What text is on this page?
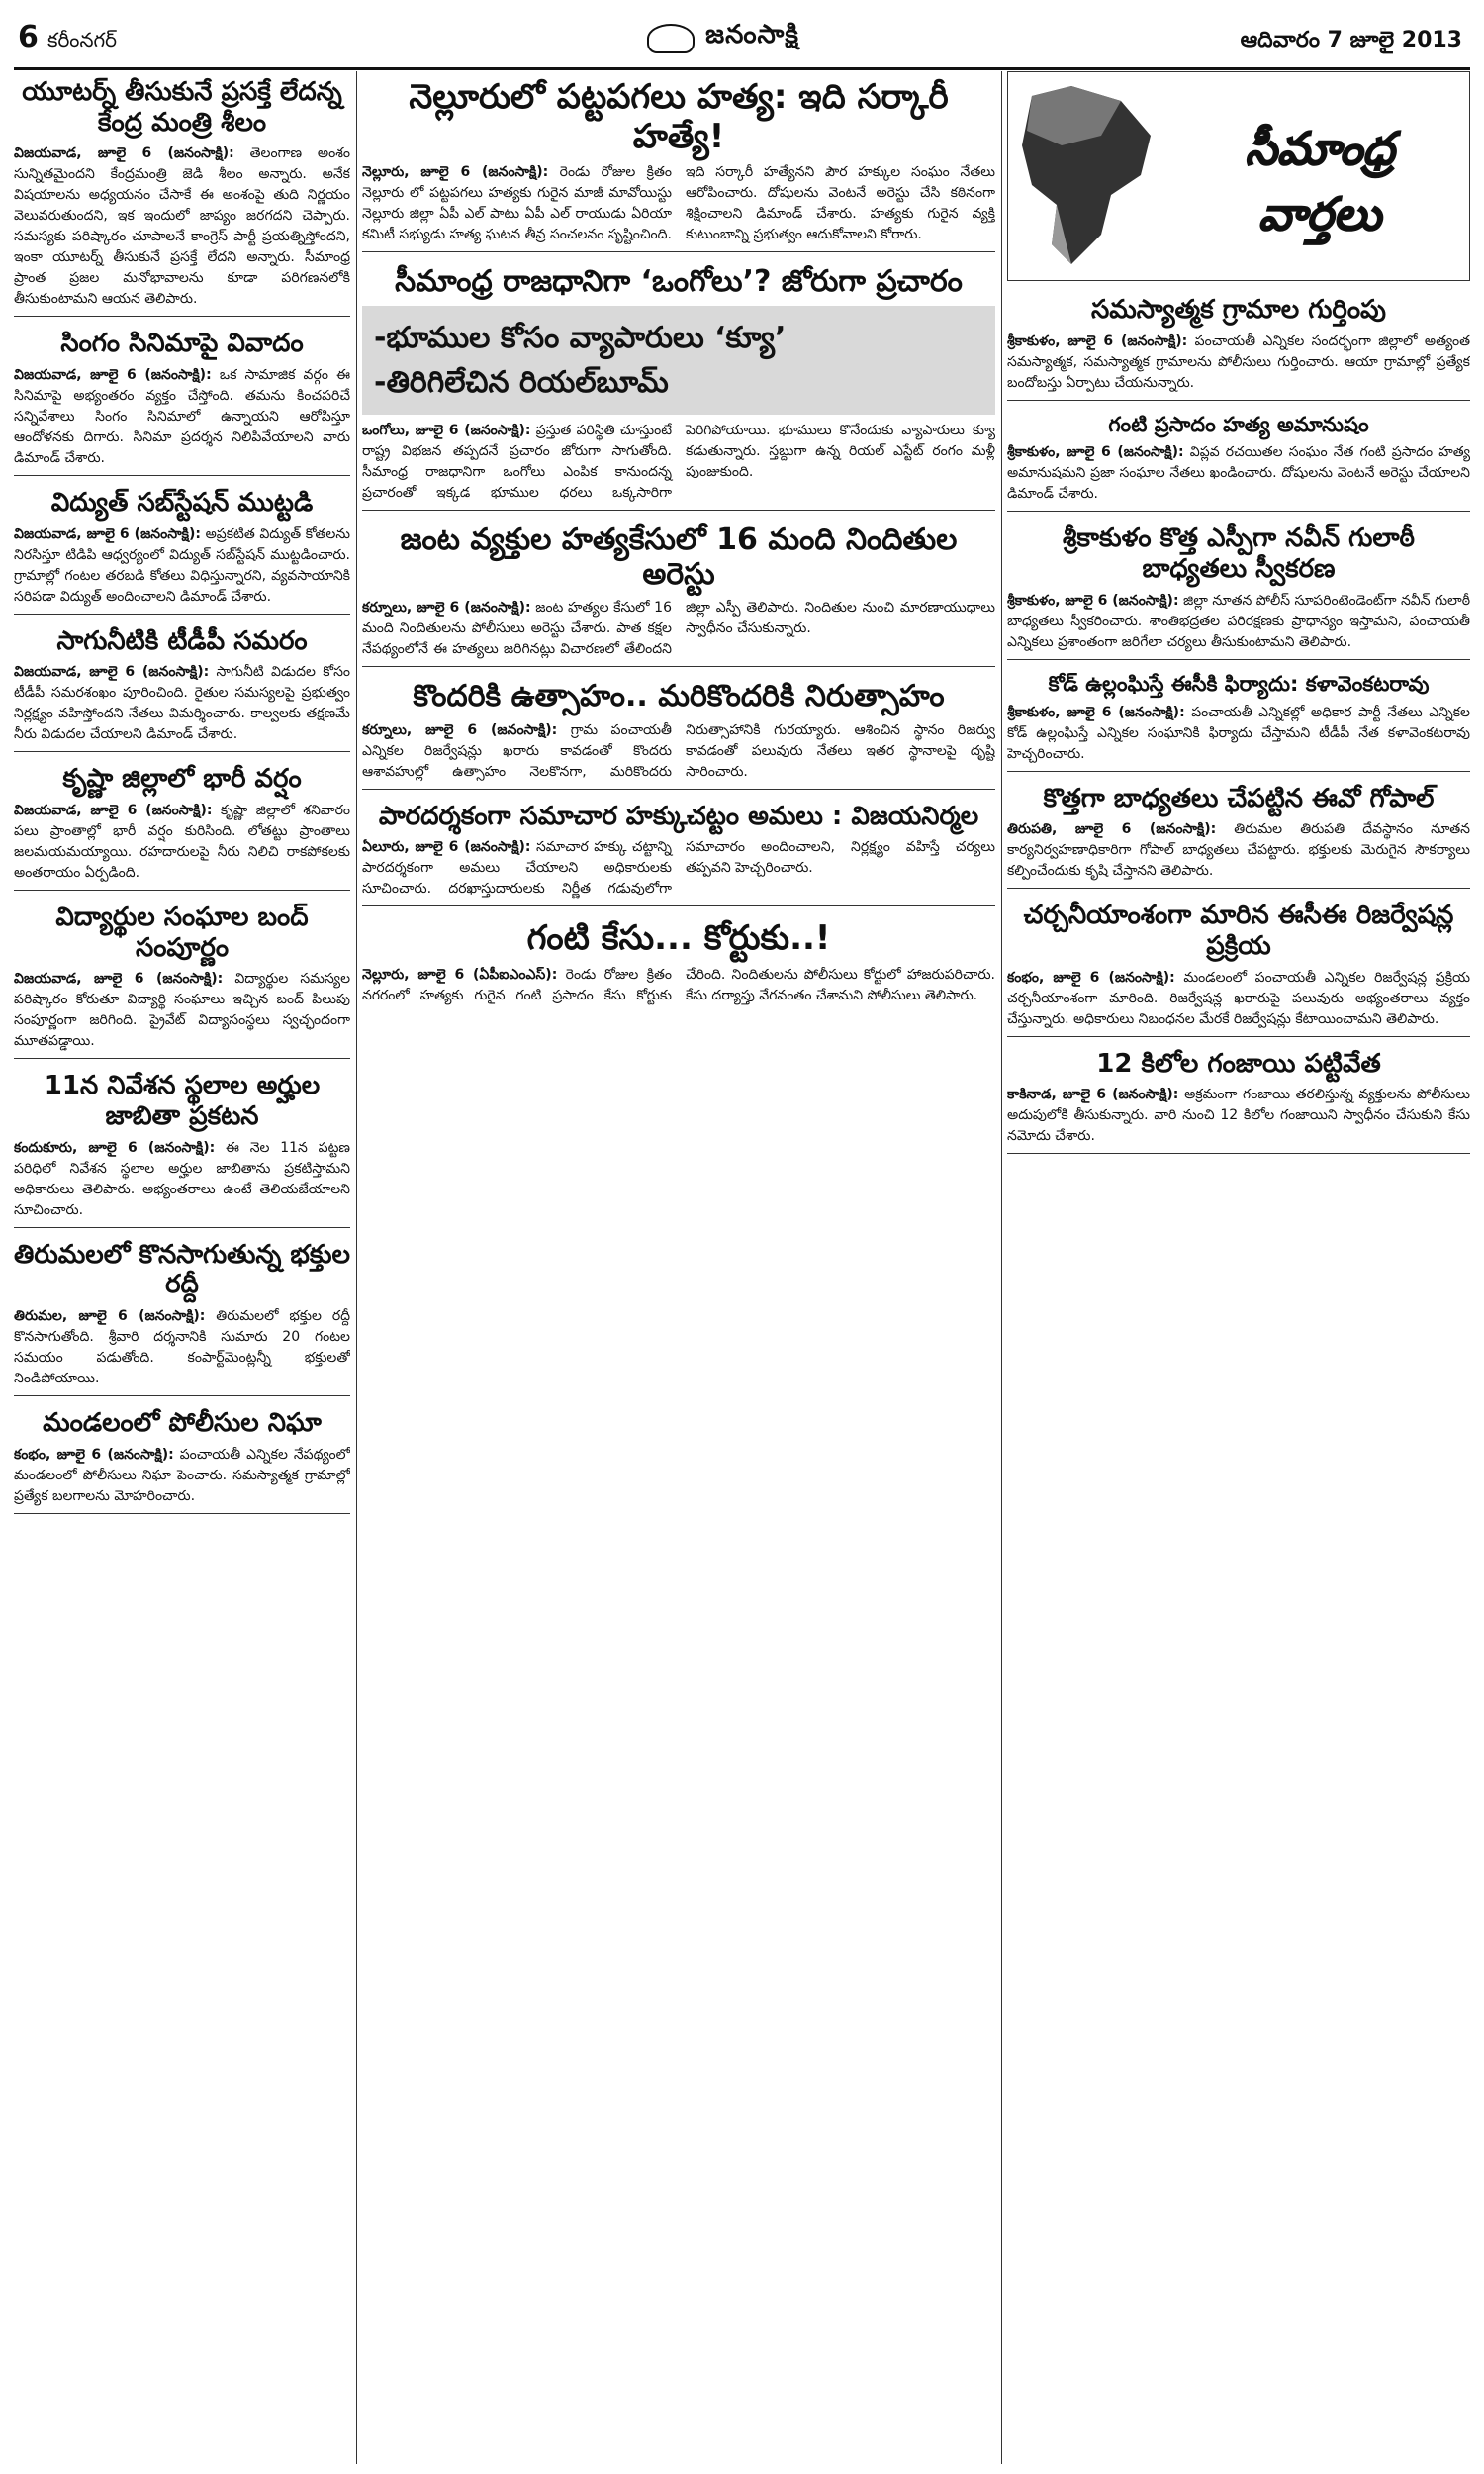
6 కరీంనగర్	జనంసాక్షి	ఆదివారం 7 జూలై 2013
యూటర్న్‌ తీసుకునే ప్రసక్తే లేదన్న కేంద్ర మంత్రి శీలం
విజయవాడ, జూలై 6 (జనంసాక్షి): తెలంగాణ అంశం సున్నితమైందని కేంద్రమంత్రి జెడి శీలం అన్నారు. అనేక విషయాలను అధ్యయనం చేసాకే ఈ అంశంపై తుది నిర్ణయం వెలువరుతుందని, ఇక ఇందులో జాప్యం జరగదని చెప్పారు. సమస్యకు పరిష్కారం చూపాలనే కాంగ్రెస్ పార్టీ ప్రయత్నిస్తోందని, ఇంకా యూటర్న్‌ తీసుకునే ప్రసక్తే లేదని అన్నారు. సీమాంధ్ర ప్రాంత ప్రజల మనోభావాలను కూడా పరిగణనలోకి తీసుకుంటామని ఆయన తెలిపారు.
సింగం సినిమాపై వివాదం
విజయవాడ, జూలై 6 (జనంసాక్షి): ఒక సామాజిక వర్గం ఈ సినిమాపై అభ్యంతరం వ్యక్తం చేస్తోంది. తమను కించపరిచే సన్నివేశాలు సింగం సినిమాలో ఉన్నాయని ఆరోపిస్తూ ఆందోళనకు దిగారు. సినిమా ప్రదర్శన నిలిపివేయాలని వారు డిమాండ్‌ చేశారు.
విద్యుత్‌ సబ్‌స్టేషన్‌ ముట్టడి
విజయవాడ, జూలై 6 (జనంసాక్షి): అప్రకటిత విద్యుత్‌ కోతలను నిరసిస్తూ టిడిపి ఆధ్వర్యంలో విద్యుత్‌ సబ్‌స్టేషన్‌ ముట్టడించారు. గ్రామాల్లో గంటల తరబడి కోతలు విధిస్తున్నారని, వ్యవసాయానికి సరిపడా విద్యుత్‌ అందించాలని డిమాండ్‌ చేశారు.
సాగునీటికి టీడీపీ సమరం
విజయవాడ, జూలై 6 (జనంసాక్షి): సాగునీటి విడుదల కోసం టీడీపీ సమరశంఖం పూరించింది. రైతుల సమస్యలపై ప్రభుత్వం నిర్లక్ష్యం వహిస్తోందని నేతలు విమర్శించారు. కాల్వలకు తక్షణమే నీరు విడుదల చేయాలని డిమాండ్‌ చేశారు.
కృష్ణా జిల్లాలో భారీ వర్షం
విజయవాడ, జూలై 6 (జనంసాక్షి): కృష్ణా జిల్లాలో శనివారం పలు ప్రాంతాల్లో భారీ వర్షం కురిసింది. లోతట్టు ప్రాంతాలు జలమయమయ్యాయి. రహదారులపై నీరు నిలిచి రాకపోకలకు అంతరాయం ఏర్పడింది.
విద్యార్థుల సంఘాల బంద్‌ సంపూర్ణం
విజయవాడ, జూలై 6 (జనంసాక్షి): విద్యార్థుల సమస్యల పరిష్కారం కోరుతూ విద్యార్థి సంఘాలు ఇచ్చిన బంద్‌ పిలుపు సంపూర్ణంగా జరిగింది. ప్రైవేట్‌ విద్యాసంస్థలు స్వచ్ఛందంగా మూతపడ్డాయి.
11న నివేశన స్థలాల అర్హుల జాబితా ప్రకటన
కందుకూరు, జూలై 6 (జనంసాక్షి): ఈ నెల 11న పట్టణ పరిధిలో నివేశన స్థలాల అర్హుల జాబితాను ప్రకటిస్తామని అధికారులు తెలిపారు. అభ్యంతరాలు ఉంటే తెలియజేయాలని సూచించారు.
తిరుమలలో కొనసాగుతున్న భక్తుల రద్దీ
తిరుమల, జూలై 6 (జనంసాక్షి): తిరుమలలో భక్తుల రద్దీ కొనసాగుతోంది. శ్రీవారి దర్శనానికి సుమారు 20 గంటల సమయం పడుతోంది. కంపార్ట్‌మెంట్లన్నీ భక్తులతో నిండిపోయాయి.
మండలంలో పోలీసుల నిఘా
కంభం, జూలై 6 (జనంసాక్షి): పంచాయతీ ఎన్నికల నేపథ్యంలో మండలంలో పోలీసులు నిఘా పెంచారు. సమస్యాత్మక గ్రామాల్లో ప్రత్యేక బలగాలను మోహరించారు.
నెల్లూరులో పట్టపగలు హత్య: ఇది సర్కారీ హత్యే!
నెల్లూరు, జూలై 6 (జనంసాక్షి): రెండు రోజుల క్రితం నెల్లూరు లో పట్టపగలు హత్యకు గురైన మాజీ మావోయిస్టు నెల్లూరు జిల్లా ఏపీ ఎల్‌ పాటు ఏపీ ఎల్‌ రాయుడు ఏరియా కమిటీ సభ్యుడు హత్య ఘటన తీవ్ర సంచలనం సృష్టించింది. ఇది సర్కారీ హత్యేనని పౌర హక్కుల సంఘం నేతలు ఆరోపించారు. దోషులను వెంటనే అరెస్టు చేసి కఠినంగా శిక్షించాలని డిమాండ్‌ చేశారు. హత్యకు గురైన వ్యక్తి కుటుంబాన్ని ప్రభుత్వం ఆదుకోవాలని కోరారు.
సీమాంధ్ర రాజధానిగా ‘ఒంగోలు’? జోరుగా ప్రచారం
-భూముల కోసం వ్యాపారులు ‘క్యూ’
-తిరిగిలేచిన రియల్‌బూమ్‌
ఒంగోలు, జూలై 6 (జనంసాక్షి): ప్రస్తుత పరిస్థితి చూస్తుంటే రాష్ట్ర విభజన తప్పదనే ప్రచారం జోరుగా సాగుతోంది. సీమాంధ్ర రాజధానిగా ఒంగోలు ఎంపిక కానుందన్న ప్రచారంతో ఇక్కడ భూముల ధరలు ఒక్కసారిగా పెరిగిపోయాయి. భూములు కొనేందుకు వ్యాపారులు క్యూ కడుతున్నారు. స్తబ్దుగా ఉన్న రియల్‌ ఎస్టేట్‌ రంగం మళ్లీ పుంజుకుంది.
జంట వ్యక్తుల హత్యకేసులో 16 మంది నిందితుల అరెస్టు
కర్నూలు, జూలై 6 (జనంసాక్షి): జంట హత్యల కేసులో 16 మంది నిందితులను పోలీసులు అరెస్టు చేశారు. పాత కక్షల నేపథ్యంలోనే ఈ హత్యలు జరిగినట్లు విచారణలో తేలిందని జిల్లా ఎస్పీ తెలిపారు. నిందితుల నుంచి మారణాయుధాలు స్వాధీనం చేసుకున్నారు.
కొందరికి ఉత్సాహం.. మరికొందరికి నిరుత్సాహం
కర్నూలు, జూలై 6 (జనంసాక్షి): గ్రామ పంచాయతీ ఎన్నికల రిజర్వేషన్లు ఖరారు కావడంతో కొందరు ఆశావహుల్లో ఉత్సాహం నెలకొనగా, మరికొందరు నిరుత్సాహానికి గురయ్యారు. ఆశించిన స్థానం రిజర్వు కావడంతో పలువురు నేతలు ఇతర స్థానాలపై దృష్టి సారించారు.
పారదర్శకంగా సమాచార హక్కుచట్టం అమలు : విజయనిర్మల
ఏలూరు, జూలై 6 (జనంసాక్షి): సమాచార హక్కు చట్టాన్ని పారదర్శకంగా అమలు చేయాలని అధికారులకు సూచించారు. దరఖాస్తుదారులకు నిర్ణీత గడువులోగా సమాచారం అందించాలని, నిర్లక్ష్యం వహిస్తే చర్యలు తప్పవని హెచ్చరించారు.
గంటి కేసు... కోర్టుకు..!
నెల్లూరు, జూలై 6 (ఏపీఐఎంఎస్‌): రెండు రోజుల క్రితం నగరంలో హత్యకు గురైన గంటి ప్రసాదం కేసు కోర్టుకు చేరింది. నిందితులను పోలీసులు కోర్టులో హాజరుపరిచారు. కేసు దర్యాప్తు వేగవంతం చేశామని పోలీసులు తెలిపారు.
సీమాంధ్ర వార్తలు
సమస్యాత్మక గ్రామాల గుర్తింపు
శ్రీకాకుళం, జూలై 6 (జనంసాక్షి): పంచాయతీ ఎన్నికల సందర్భంగా జిల్లాలో అత్యంత సమస్యాత్మక, సమస్యాత్మక గ్రామాలను పోలీసులు గుర్తించారు. ఆయా గ్రామాల్లో ప్రత్యేక బందోబస్తు ఏర్పాటు చేయనున్నారు.
గంటి ప్రసాదం హత్య అమానుషం
శ్రీకాకుళం, జూలై 6 (జనంసాక్షి): విప్లవ రచయితల సంఘం నేత గంటి ప్రసాదం హత్య అమానుషమని ప్రజా సంఘాల నేతలు ఖండించారు. దోషులను వెంటనే అరెస్టు చేయాలని డిమాండ్‌ చేశారు.
శ్రీకాకుళం కొత్త ఎస్పీగా నవీన్‌ గులాఠీ బాధ్యతలు స్వీకరణ
శ్రీకాకుళం, జూలై 6 (జనంసాక్షి): జిల్లా నూతన పోలీస్‌ సూపరింటెండెంట్‌గా నవీన్‌ గులాఠీ బాధ్యతలు స్వీకరించారు. శాంతిభద్రతల పరిరక్షణకు ప్రాధాన్యం ఇస్తామని, పంచాయతీ ఎన్నికలు ప్రశాంతంగా జరిగేలా చర్యలు తీసుకుంటామని తెలిపారు.
కోడ్‌ ఉల్లంఘిస్తే ఈసీకి ఫిర్యాదు: కళావెంకటరావు
శ్రీకాకుళం, జూలై 6 (జనంసాక్షి): పంచాయతీ ఎన్నికల్లో అధికార పార్టీ నేతలు ఎన్నికల కోడ్‌ ఉల్లంఘిస్తే ఎన్నికల సంఘానికి ఫిర్యాదు చేస్తామని టీడీపీ నేత కళావెంకటరావు హెచ్చరించారు.
కొత్తగా బాధ్యతలు చేపట్టిన ఈవో గోపాల్‌
తిరుపతి, జూలై 6 (జనంసాక్షి): తిరుమల తిరుపతి దేవస్థానం నూతన కార్యనిర్వహణాధికారిగా గోపాల్‌ బాధ్యతలు చేపట్టారు. భక్తులకు మెరుగైన సౌకర్యాలు కల్పించేందుకు కృషి చేస్తానని తెలిపారు.
చర్చనీయాంశంగా మారిన ఈసీఈ రిజర్వేషన్ల ప్రక్రియ
కంభం, జూలై 6 (జనంసాక్షి): మండలంలో పంచాయతీ ఎన్నికల రిజర్వేషన్ల ప్రక్రియ చర్చనీయాంశంగా మారింది. రిజర్వేషన్ల ఖరారుపై పలువురు అభ్యంతరాలు వ్యక్తం చేస్తున్నారు. అధికారులు నిబంధనల మేరకే రిజర్వేషన్లు కేటాయించామని తెలిపారు.
12 కిలోల గంజాయి పట్టివేత
కాకినాడ, జూలై 6 (జనంసాక్షి): అక్రమంగా గంజాయి తరలిస్తున్న వ్యక్తులను పోలీసులు అదుపులోకి తీసుకున్నారు. వారి నుంచి 12 కిలోల గంజాయిని స్వాధీనం చేసుకుని కేసు నమోదు చేశారు.
